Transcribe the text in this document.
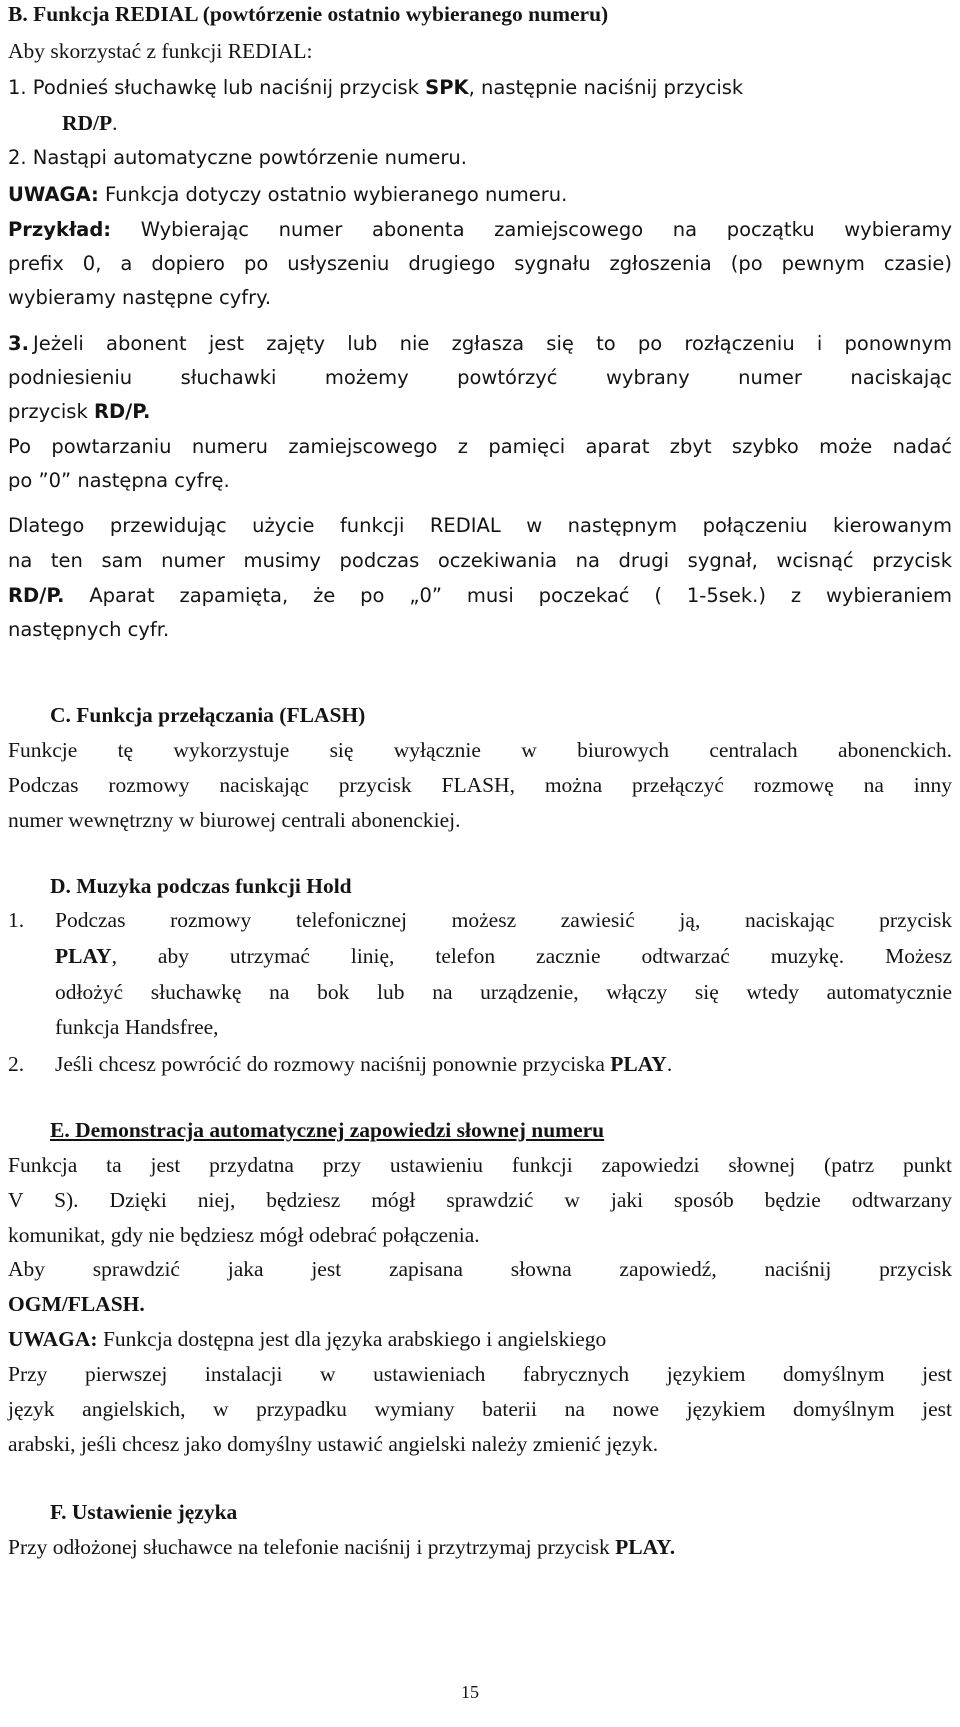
B. Funkcja REDIAL (powtórzenie ostatnio wybieranego numeru)
Aby skorzystać z funkcji REDIAL:
1. Podnieś słuchawkę lub naciśnij przycisk SPK, następnie naciśnij przycisk
RD/P.
2. Nastąpi automatyczne powtórzenie numeru.
UWAGA: Funkcja dotyczy ostatnio wybieranego numeru.
Przykład: Wybierając numer abonenta zamiejscowego na początku wybieramy
prefix 0, a dopiero po usłyszeniu drugiego sygnału zgłoszenia (po pewnym czasie)
wybieramy następne cyfry.
3. Jeżeli abonent jest zajęty lub nie zgłasza się to po rozłączeniu i ponownym
podniesieniu słuchawki możemy powtórzyć wybrany numer naciskając
przycisk RD/P.
Po powtarzaniu numeru zamiejscowego z pamięci aparat zbyt szybko może nadać
po ”0” następna cyfrę.
Dlatego przewidując użycie funkcji REDIAL w następnym połączeniu kierowanym
na ten sam numer musimy podczas oczekiwania na drugi sygnał, wcisnąć przycisk
RD/P. Aparat zapamięta, że po „0” musi poczekać ( 1-5sek.) z wybieraniem
następnych cyfr.
C. Funkcja przełączania (FLASH)
Funkcje tę wykorzystuje się wyłącznie w biurowych centralach abonenckich.
Podczas rozmowy naciskając przycisk FLASH, można przełączyć rozmowę na inny
numer wewnętrzny w biurowej centrali abonenckiej.
D. Muzyka podczas funkcji Hold
1. Podczas rozmowy telefonicznej możesz zawiesić ją, naciskając przycisk
PLAY, aby utrzymać linię, telefon zacznie odtwarzać muzykę. Możesz
odłożyć słuchawkę na bok lub na urządzenie, włączy się wtedy automatycznie
funkcja Handsfree,
2. Jeśli chcesz powrócić do rozmowy naciśnij ponownie przyciska PLAY.
E. Demonstracja automatycznej zapowiedzi słownej numeru
Funkcja ta jest przydatna przy ustawieniu funkcji zapowiedzi słownej (patrz punkt
V S). Dzięki niej, będziesz mógł sprawdzić w jaki sposób będzie odtwarzany
komunikat, gdy nie będziesz mógł odebrać połączenia.
Aby sprawdzić jaka jest zapisana słowna zapowiedź, naciśnij przycisk
OGM/FLASH.
UWAGA: Funkcja dostępna jest dla języka arabskiego i angielskiego
Przy pierwszej instalacji w ustawieniach fabrycznych językiem domyślnym jest
język angielskich, w przypadku wymiany baterii na nowe językiem domyślnym jest
arabski, jeśli chcesz jako domyślny ustawić angielski należy zmienić język.
F. Ustawienie języka
Przy odłożonej słuchawce na telefonie naciśnij i przytrzymaj przycisk PLAY.
15
